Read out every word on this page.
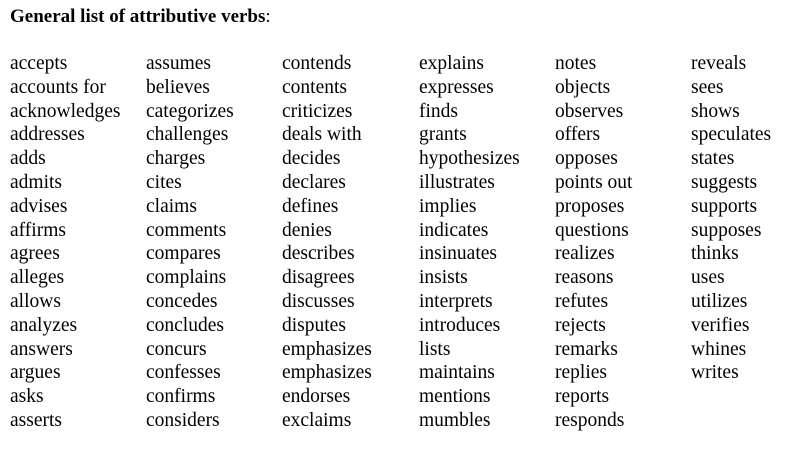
General list of attributive verbs:
accepts
accounts for
acknowledges
addresses
adds
admits
advises
affirms
agrees
alleges
allows
analyzes
answers
argues
asks
asserts
assumes
believes
categorizes
challenges
charges
cites
claims
comments
compares
complains
concedes
concludes
concurs
confesses
confirms
considers
contends
contents
criticizes
deals with
decides
declares
defines
denies
describes
disagrees
discusses
disputes
emphasizes
emphasizes
endorses
exclaims
explains
expresses
finds
grants
hypothesizes
illustrates
implies
indicates
insinuates
insists
interprets
introduces
lists
maintains
mentions
mumbles
notes
objects
observes
offers
opposes
points out
proposes
questions
realizes
reasons
refutes
rejects
remarks
replies
reports
responds
reveals
sees
shows
speculates
states
suggests
supports
supposes
thinks
uses
utilizes
verifies
whines
writes
